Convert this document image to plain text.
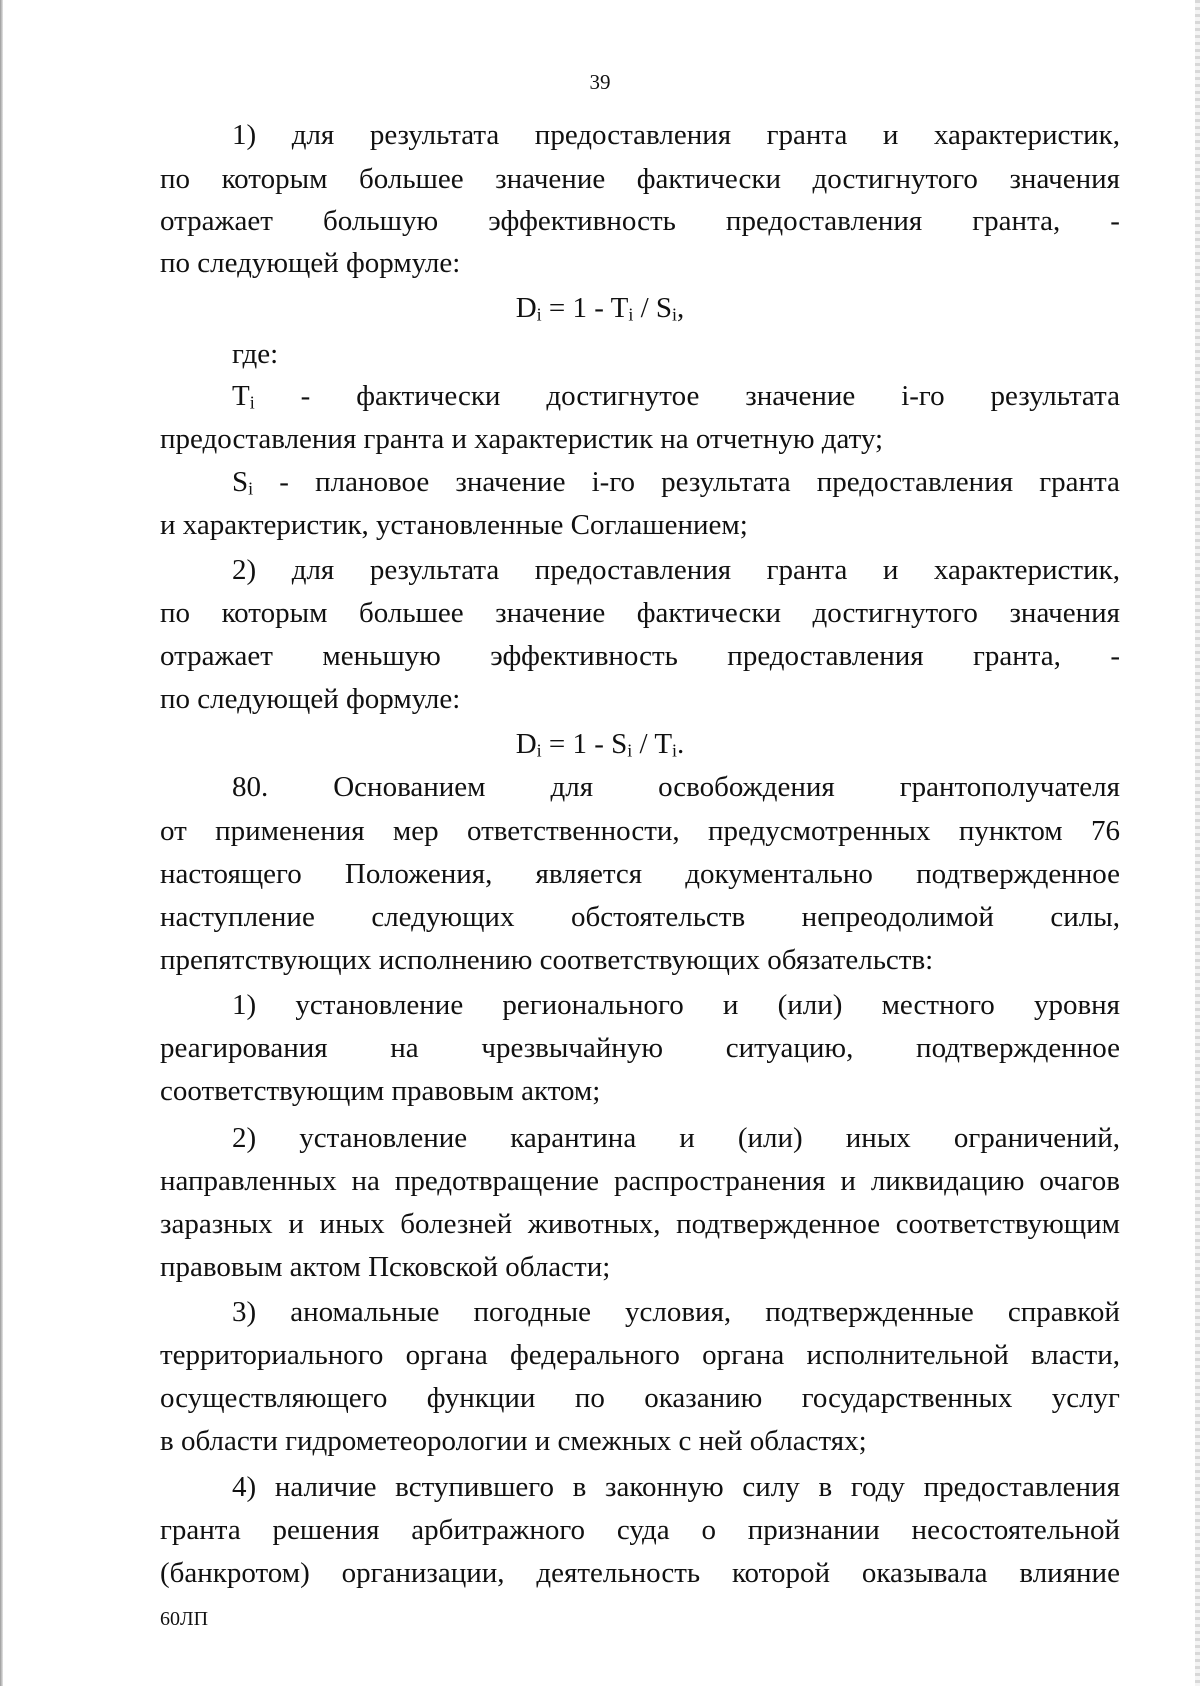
39
1) для результата предоставления гранта и характеристик,
по которым большее значение фактически достигнутого значения
отражает большую эффективность предоставления гранта, -
по следующей формуле:
$D_i = 1 - T_i / S_i$,
где:
$T_i$ - фактически достигнутое значение i-го результата
предоставления гранта и характеристик на отчетную дату;
$S_i$ - плановое значение i-го результата предоставления гранта
и характеристик, установленные Соглашением;
2) для результата предоставления гранта и характеристик,
по которым большее значение фактически достигнутого значения
отражает меньшую эффективность предоставления гранта, -
по следующей формуле:
$D_i = 1 - S_i / T_i$.
80. Основанием для освобождения грантополучателя
от применения мер ответственности, предусмотренных пунктом 76
настоящего Положения, является документально подтвержденное
наступление следующих обстоятельств непреодолимой силы,
препятствующих исполнению соответствующих обязательств:
1) установление регионального и (или) местного уровня
реагирования на чрезвычайную ситуацию, подтвержденное
соответствующим правовым актом;
2) установление карантина и (или) иных ограничений,
направленных на предотвращение распространения и ликвидацию очагов
заразных и иных болезней животных, подтвержденное соответствующим
правовым актом Псковской области;
3) аномальные погодные условия, подтвержденные справкой
территориального органа федерального органа исполнительной власти,
осуществляющего функции по оказанию государственных услуг
в области гидрометеорологии и смежных с ней областях;
4) наличие вступившего в законную силу в году предоставления
гранта решения арбитражного суда о признании несостоятельной
(банкротом) организации, деятельность которой оказывала влияние
60ЛП
